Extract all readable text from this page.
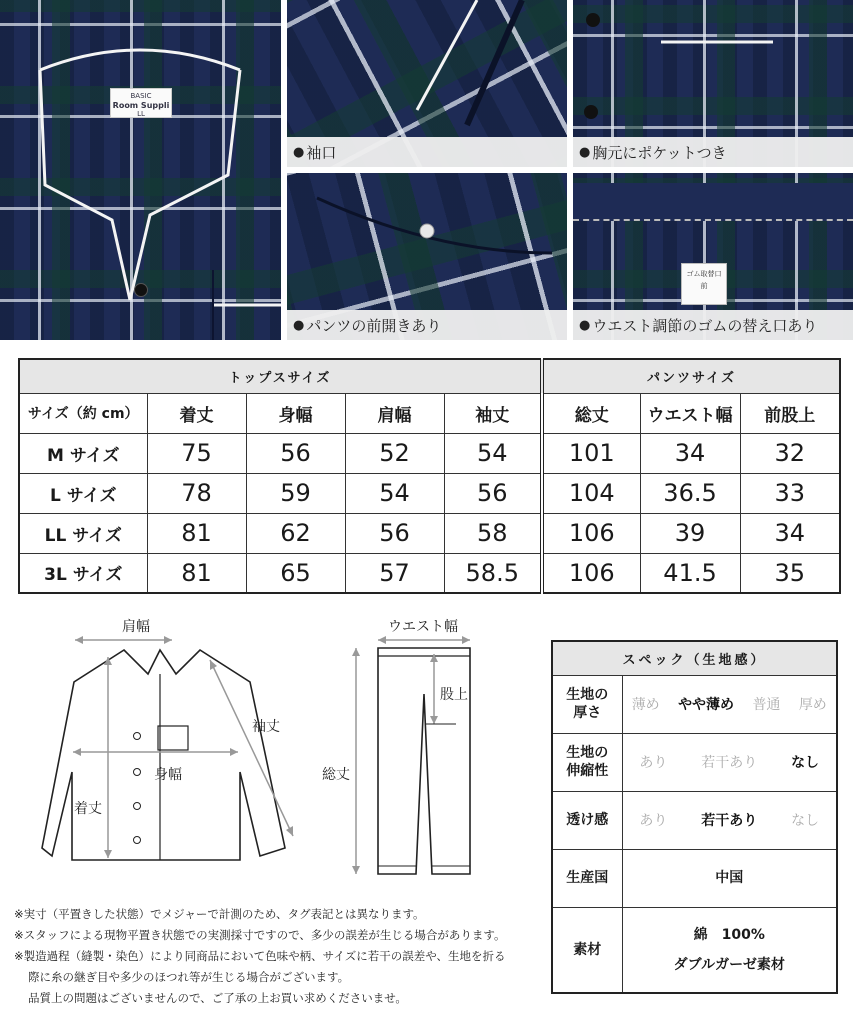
BASIC
Room Suppli
LL
● 袖口	● 胸元にポケットつき
● パンツの前開きあり
ゴム取替口
前
● ウエスト調節のゴムの替え口あり
トップスサイズ					パンツサイズ		
サイズ（約 cm）	着丈	身幅	肩幅	袖丈	総丈	ウエスト幅	前股上
M サイズ	75	56	52	54	101	34	32
L サイズ	78	59	54	56	104	36.5	33
LL サイズ	81	62	56	58	106	39	34
3L サイズ	81	65	57	58.5	106	41.5	35
肩幅
袖丈
身幅
着丈
ウエスト幅
股上
総丈
スペック（生地感）	
生地の
厚さ	薄め やや薄め 普通 厚め

生地の
伸縮性	あり 若干あり なし

透け感	あり 若干あり なし

生産国	中国
素材	綿　100%
ダブルガーゼ素材

※実寸（平置きした状態）でメジャーで計測のため、タグ表記とは異なります。

※スタッフによる現物平置き状態での実測採寸ですので、多少の誤差が生じる場合があります。

※製造過程（縫製・染色）により同商品において色味や柄、サイズに若干の誤差や、生地を折る

際に糸の継ぎ目や多少のほつれ等が生じる場合がございます。

品質上の問題はございませんので、ご了承の上お買い求めくださいませ。
